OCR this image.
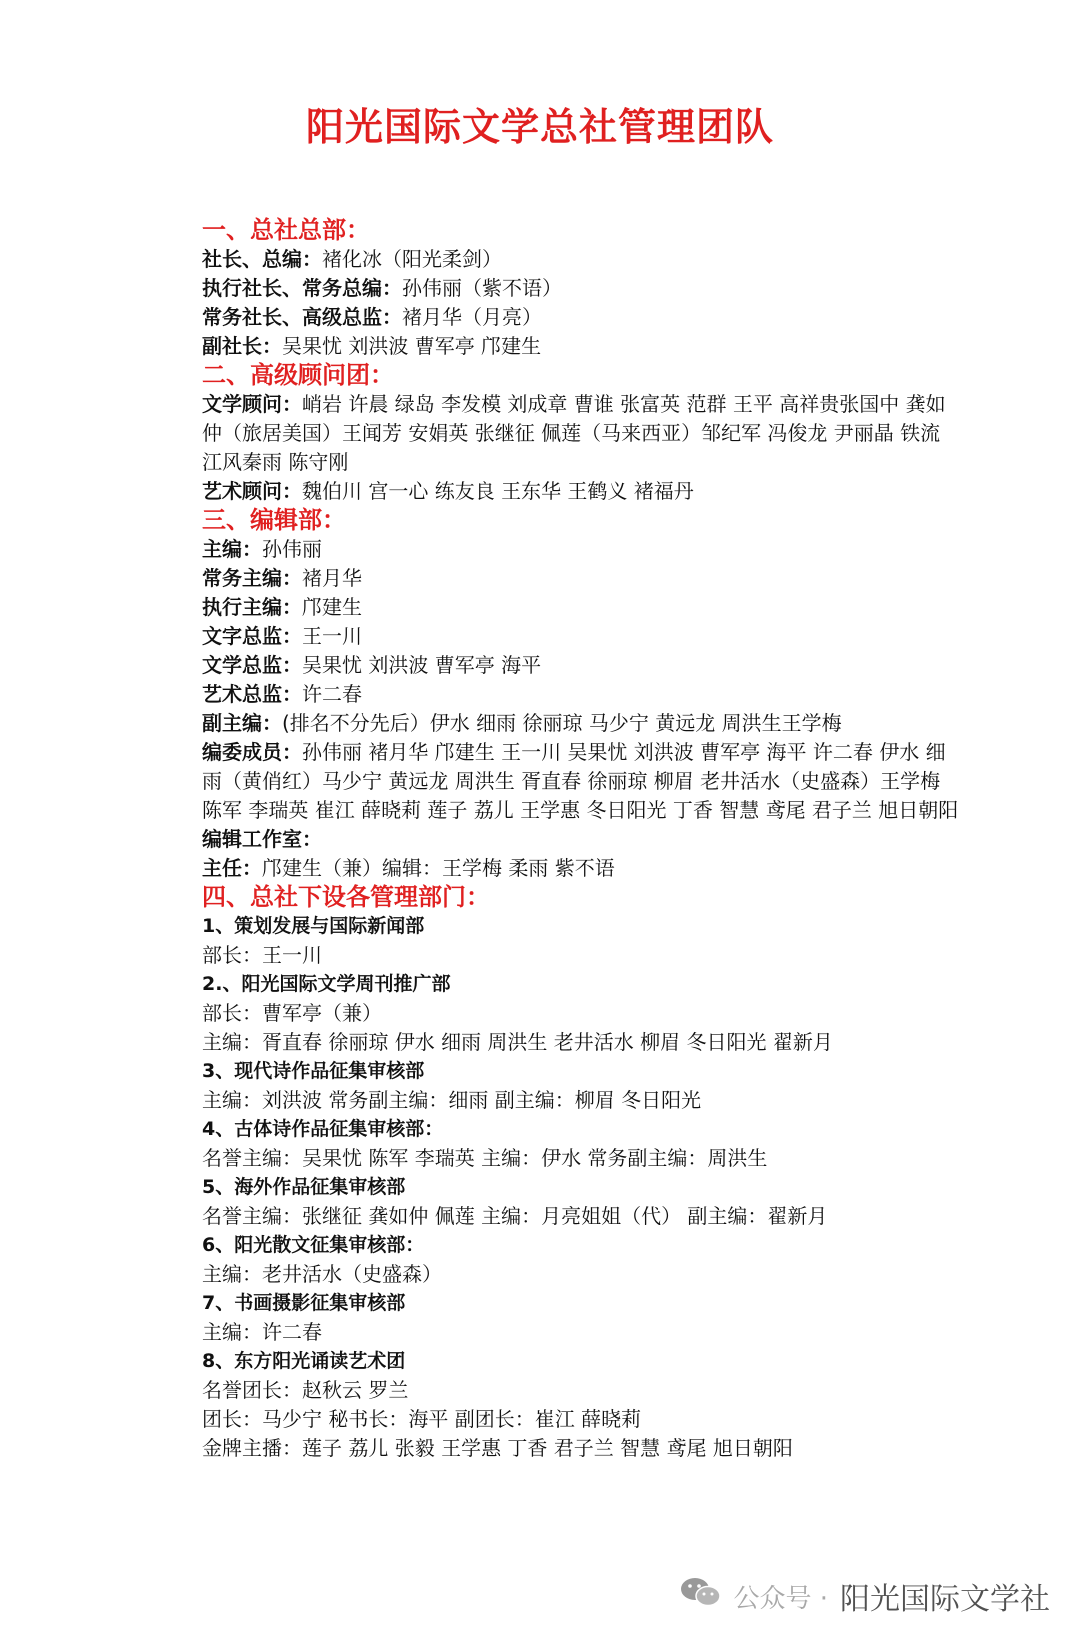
阳光国际文学总社管理团队
一、总社总部：
社长、总编：褚化冰（阳光柔剑）
执行社长、常务总编：孙伟丽（紫不语）
常务社长、高级总监：褚月华（月亮）
副社长：吴果忧 刘洪波 曹军亭 邝建生
二、高级顾问团：
文学顾问：峭岩 许晨 绿岛 李发模 刘成章 曹谁 张富英 范群 王平 高祥贵张国中 龚如仲（旅居美国）王闻芳 安娟英 张继征 佩莲（马来西亚）邹纪军 冯俊龙 尹丽晶 铁流 江风秦雨 陈守刚
艺术顾问：魏伯川 宫一心 练友良 王东华 王鹤义 褚福丹
三、编辑部：
主编：孙伟丽
常务主编：褚月华
执行主编：邝建生
文字总监：王一川
文学总监：吴果忧 刘洪波 曹军亭 海平
艺术总监：许二春
副主编：(排名不分先后）伊水 细雨 徐丽琼 马少宁 黄远龙 周洪生王学梅
编委成员：孙伟丽 褚月华 邝建生 王一川 吴果忧 刘洪波 曹军亭 海平 许二春 伊水 细雨（黄俏红）马少宁 黄远龙 周洪生 胥直春 徐丽琼 柳眉 老井活水（史盛森）王学梅 陈军 李瑞英 崔江 薛晓莉 莲子 荔儿 王学惠 冬日阳光 丁香 智慧 鸢尾 君子兰 旭日朝阳
编辑工作室：
主任：邝建生（兼）编辑：王学梅 柔雨 紫不语
四、总社下设各管理部门：
1、策划发展与国际新闻部
部长：王一川
2.、阳光国际文学周刊推广部
部长：曹军亭（兼）
主编：胥直春 徐丽琼 伊水 细雨 周洪生 老井活水 柳眉 冬日阳光 翟新月
3、现代诗作品征集审核部
主编：刘洪波 常务副主编：细雨 副主编：柳眉 冬日阳光
4、古体诗作品征集审核部：
名誉主编：吴果忧 陈军 李瑞英 主编：伊水 常务副主编：周洪生
5、海外作品征集审核部
名誉主编：张继征 龚如仲 佩莲 主编：月亮姐姐（代） 副主编：翟新月
6、阳光散文征集审核部：
主编：老井活水（史盛森）
7、书画摄影征集审核部
主编：许二春
8、东方阳光诵读艺术团
名誉团长：赵秋云 罗兰
团长：马少宁 秘书长：海平 副团长：崔江 薛晓莉
金牌主播：莲子 荔儿 张毅 王学惠 丁香 君子兰 智慧 鸢尾 旭日朝阳
公众号 · 阳光国际文学社
